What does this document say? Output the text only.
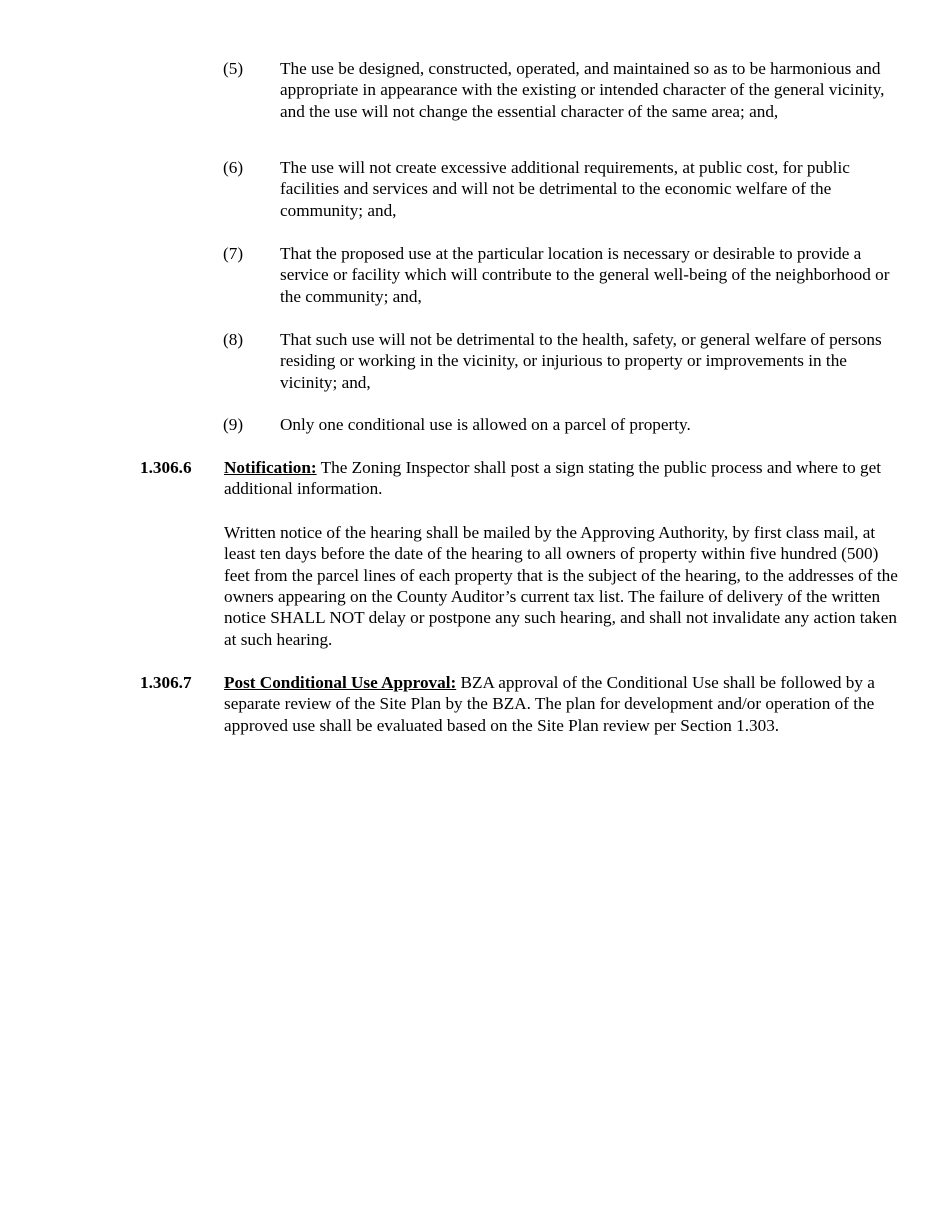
(5)	The use be designed, constructed, operated, and maintained so as to be harmonious and appropriate in appearance with the existing or intended character of the general vicinity, and the use will not change the essential character of the same area; and,
(6)	The use will not create excessive additional requirements, at public cost, for public facilities and services and will not be detrimental to the economic welfare of the community; and,
(7)	That the proposed use at the particular location is necessary or desirable to provide a service or facility which will contribute to the general well-being of the neighborhood or the community; and,
(8)	That such use will not be detrimental to the health, safety, or general welfare of persons residing or working in the vicinity, or injurious to property or improvements in the vicinity; and,
(9)	Only one conditional use is allowed on a parcel of property.
1.306.6 Notification: The Zoning Inspector shall post a sign stating the public process and where to get additional information.
Written notice of the hearing shall be mailed by the Approving Authority, by first class mail, at least ten days before the date of the hearing to all owners of property within five hundred (500) feet from the parcel lines of each property that is the subject of the hearing, to the addresses of the owners appearing on the County Auditor’s current tax list. The failure of delivery of the written notice SHALL NOT delay or postpone any such hearing, and shall not invalidate any action taken at such hearing.
1.306.7 Post Conditional Use Approval: BZA approval of the Conditional Use shall be followed by a separate review of the Site Plan by the BZA. The plan for development and/or operation of the approved use shall be evaluated based on the Site Plan review per Section 1.303.
